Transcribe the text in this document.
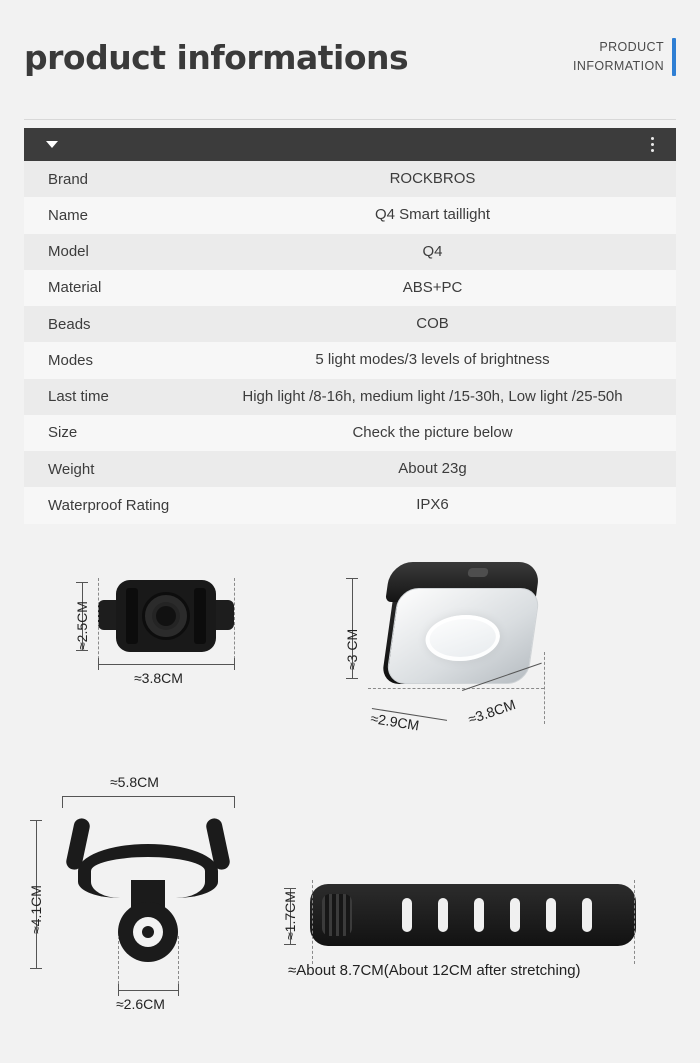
product informations	PRODUCT
INFORMATION
Brand	ROCKBROS
Name	Q4 Smart taillight
Model	Q4
Material	ABS+PC
Beads	COB
Modes	5 light modes/3 levels of brightness
Last time	High light /8-16h, medium light /15-30h, Low light /25-50h
Size	Check the picture below
Weight	About 23g
Waterproof Rating	IPX6
≈2.5CM
≈3.8CM
≈3 CM
≈2.9CM	≈3.8CM
≈5.8CM
≈4.1CM
≈2.6CM
≈1.7CM
≈About 8.7CM(About 12CM after stretching)
